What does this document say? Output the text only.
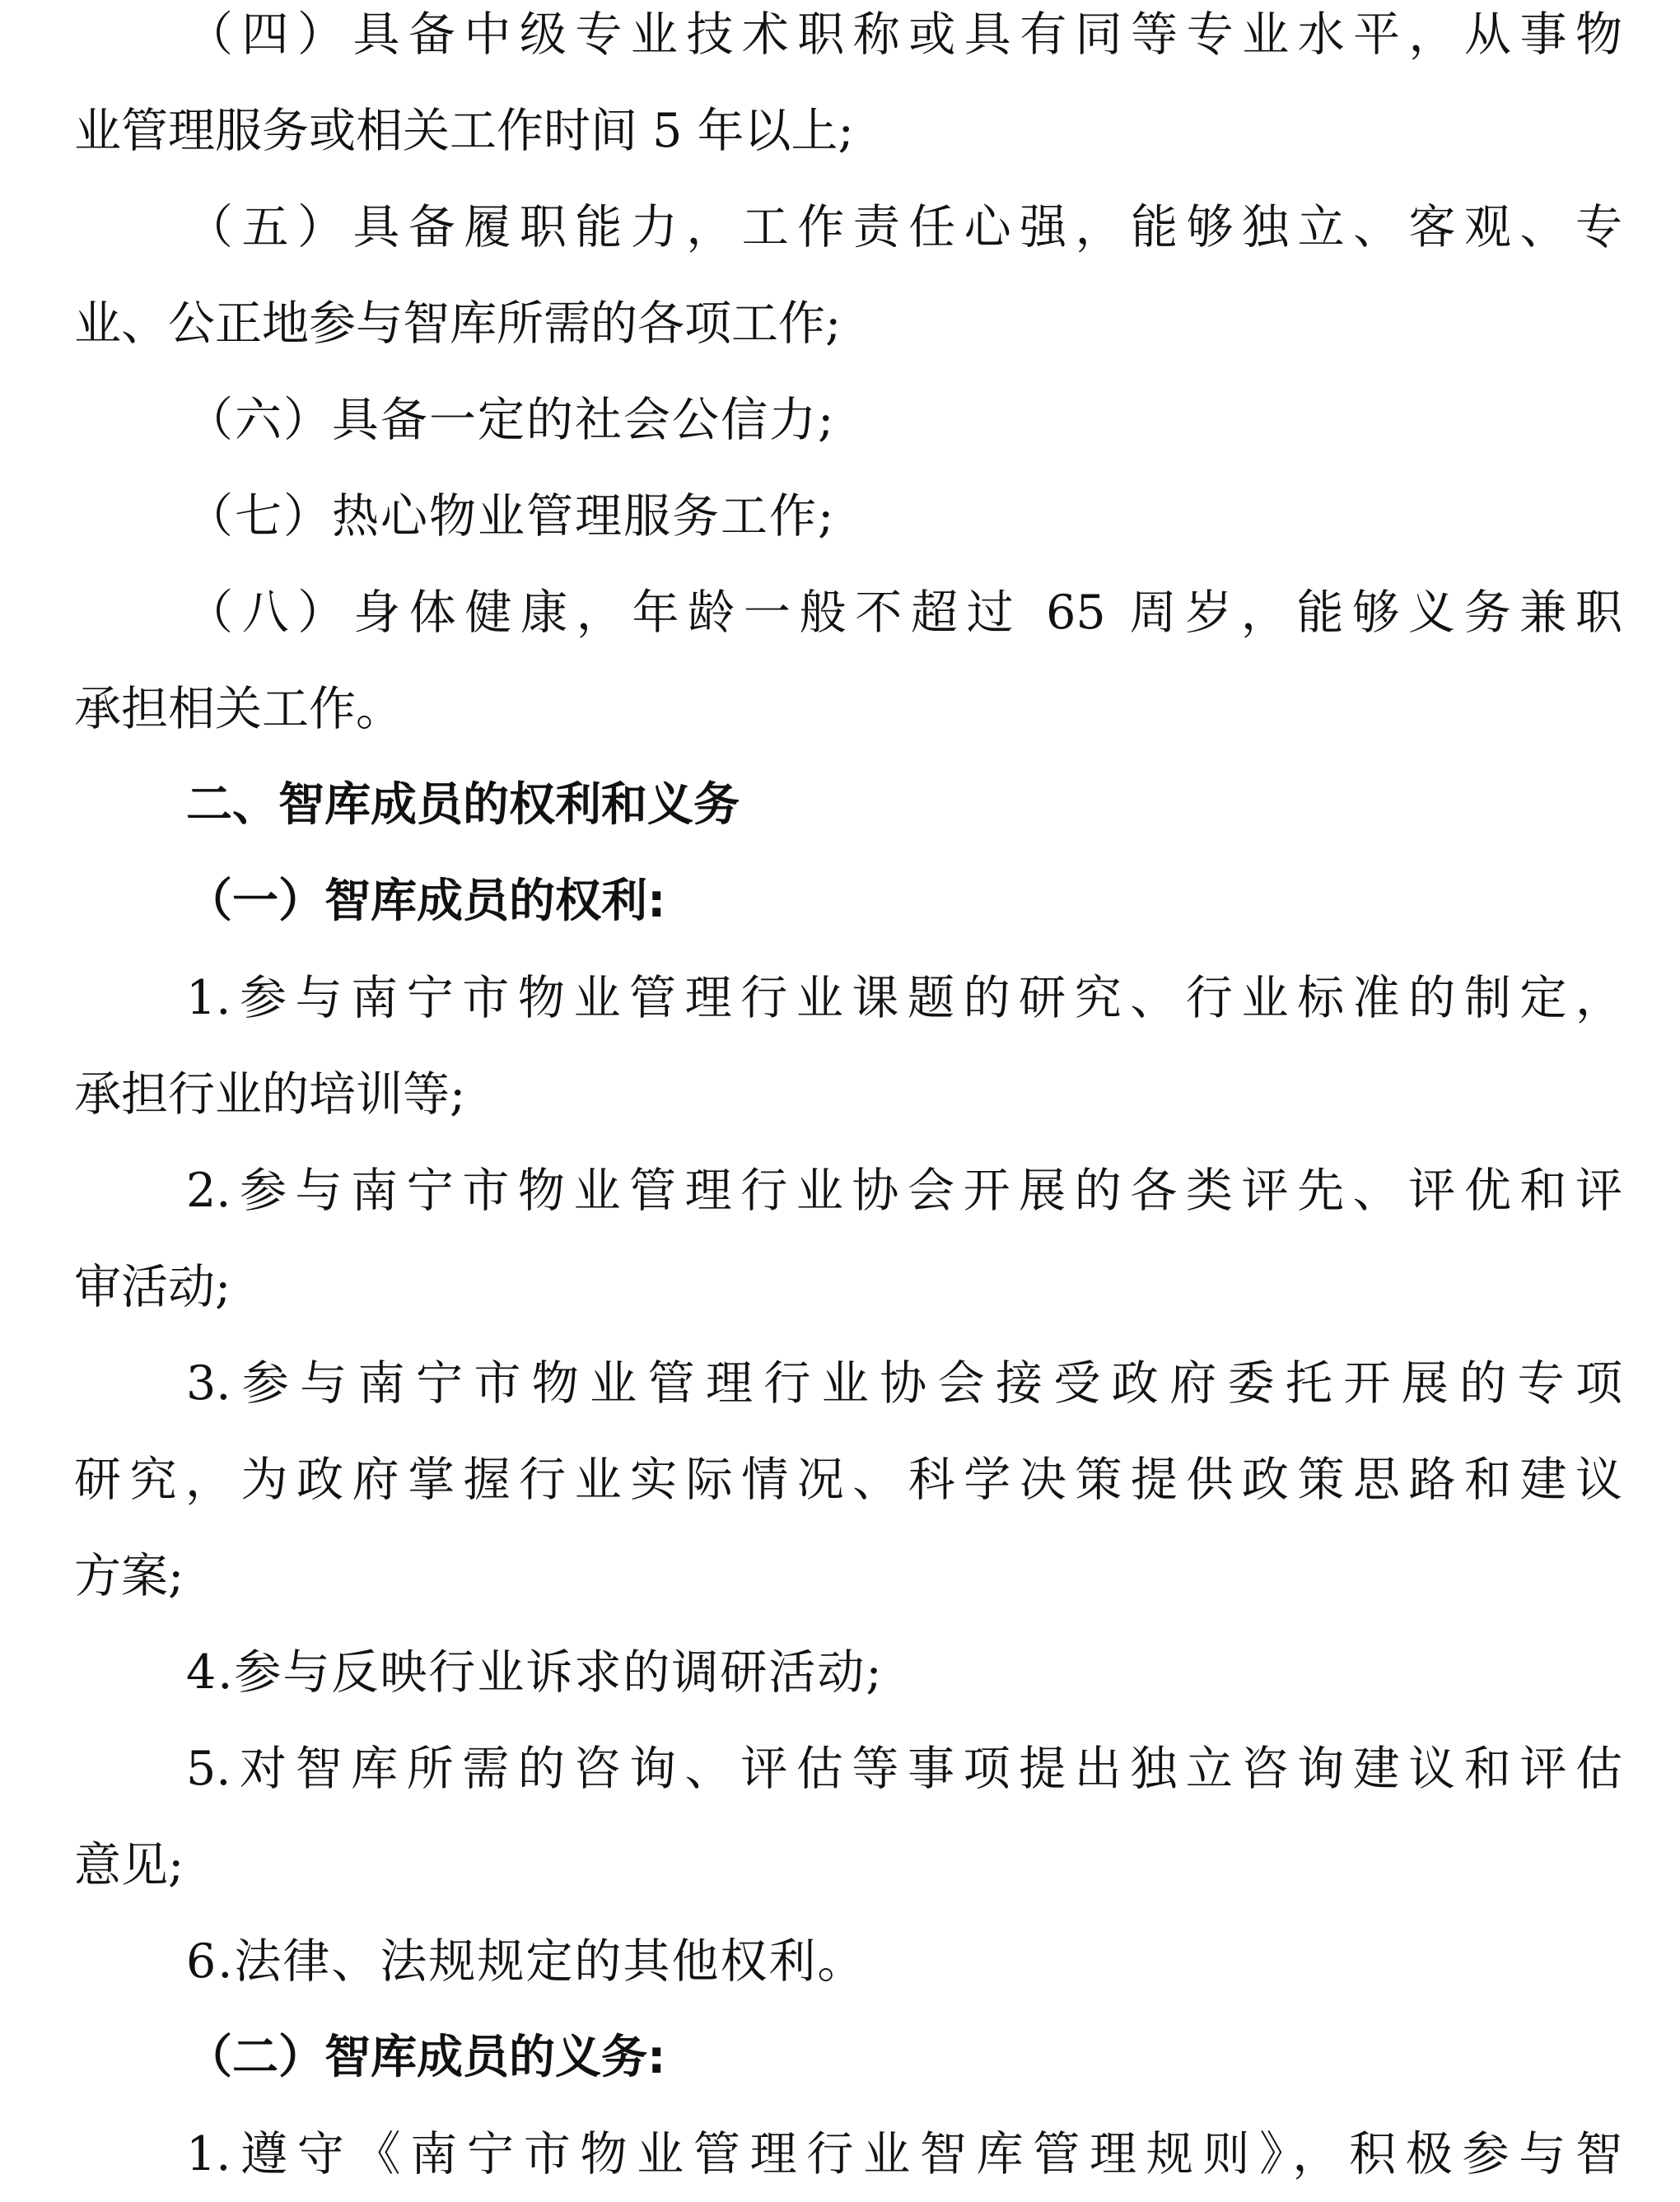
（四）具备中级专业技术职称或具有同等专业水平，从事物
业管理服务或相关工作时间 5 年以上;
（五）具备履职能力，工作责任心强，能够独立、客观、专
业、公正地参与智库所需的各项工作;
（六）具备一定的社会公信力;
（七）热心物业管理服务工作;
（八）身体健康，年龄一般不超过 65 周岁，能够义务兼职
承担相关工作。
二、智库成员的权利和义务
（一）智库成员的权利:
1.参与南宁市物业管理行业课题的研究、行业标准的制定，
承担行业的培训等;
2.参与南宁市物业管理行业协会开展的各类评先、评优和评
审活动;
3.参与南宁市物业管理行业协会接受政府委托开展的专项
研究，为政府掌握行业实际情况、科学决策提供政策思路和建议
方案;
4.参与反映行业诉求的调研活动;
5.对智库所需的咨询、评估等事项提出独立咨询建议和评估
意见;
6.法律、法规规定的其他权利。
（二）智库成员的义务:
1.遵守《南宁市物业管理行业智库管理规则》，积极参与智
